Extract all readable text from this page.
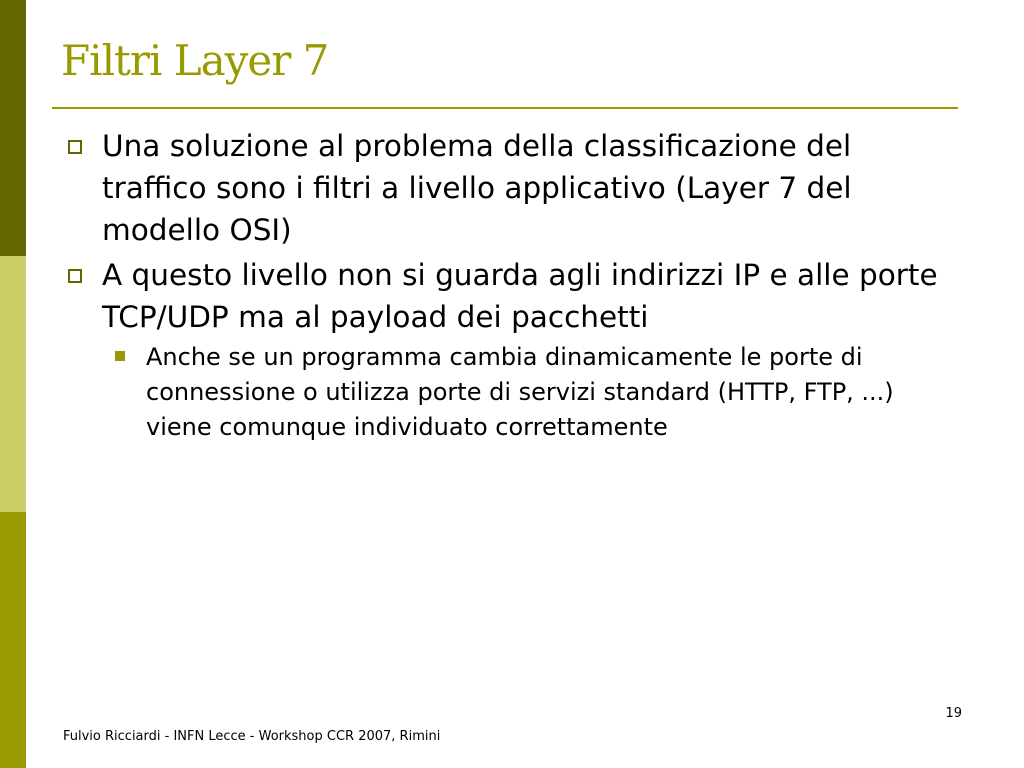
Filtri Layer 7
Una soluzione al problema della classificazione del traffico sono i filtri a livello applicativo (Layer 7 del modello OSI)
A questo livello non si guarda agli indirizzi IP e alle porte TCP/UDP ma al payload dei pacchetti
Anche se un programma cambia dinamicamente le porte di connessione o utilizza porte di servizi standard (HTTP, FTP, ...) viene comunque individuato correttamente
19
Fulvio Ricciardi - INFN Lecce - Workshop CCR 2007, Rimini
